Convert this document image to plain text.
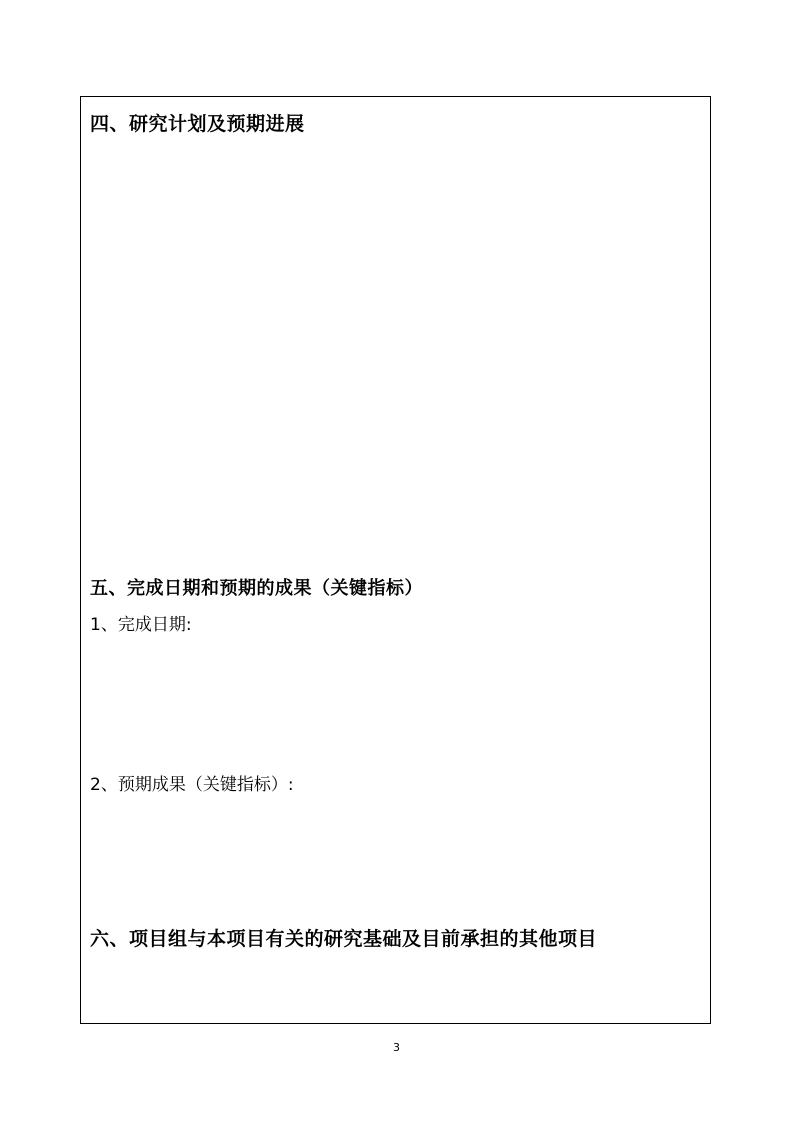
四、研究计划及预期进展
五、完成日期和预期的成果（关键指标）
1、完成日期:
2、预期成果（关键指标）:
六、项目组与本项目有关的研究基础及目前承担的其他项目
3
